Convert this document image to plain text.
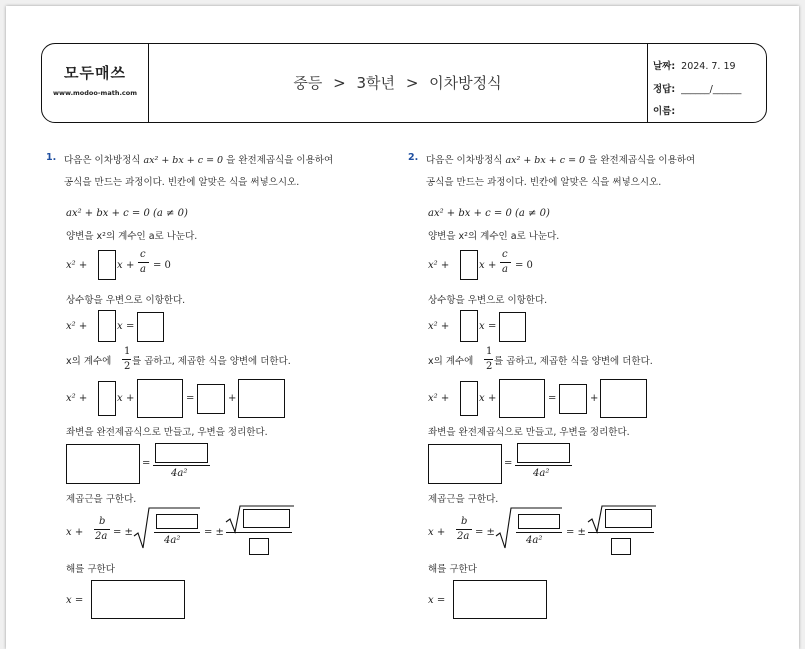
모두매쓰
www.modoo-math.com
중등 > 3학년 > 이차방정식
날짜: 2024. 7. 19
정답: ______/______
이름:
1. 다음은 이차방정식 ax² + bx + c = 0 을 완전제곱식을 이용하여
공식을 만드는 과정이다. 빈칸에 알맞은 식을 써넣으시오.
ax² + bx + c = 0 (a ≠ 0)
양변을 x²의 계수인 a로 나눈다.
x² +	x +
c
a = 0
상수항을 우변으로 이항한다.
x² +	x =
x의 계수에
1
2 를 곱하고, 제곱한 식을 양변에 더한다.
x² +	x +	=	+
좌변을 완전제곱식으로 만들고, 우변을 정리한다.
=
4a²
제곱근을 구한다.
x +
b
2a = ±
4a²
= ±
해를 구한다
x =
2. 다음은 이차방정식 ax² + bx + c = 0 을 완전제곱식을 이용하여
공식을 만드는 과정이다. 빈칸에 알맞은 식을 써넣으시오.
ax² + bx + c = 0 (a ≠ 0)
양변을 x²의 계수인 a로 나눈다.
x² +	x +
c
a = 0
상수항을 우변으로 이항한다.
x² +	x =
x의 계수에
1
2 를 곱하고, 제곱한 식을 양변에 더한다.
x² +	x +	=	+
좌변을 완전제곱식으로 만들고, 우변을 정리한다.
=
4a²
제곱근을 구한다.
x +
b
2a = ±
4a²
= ±
해를 구한다
x =
